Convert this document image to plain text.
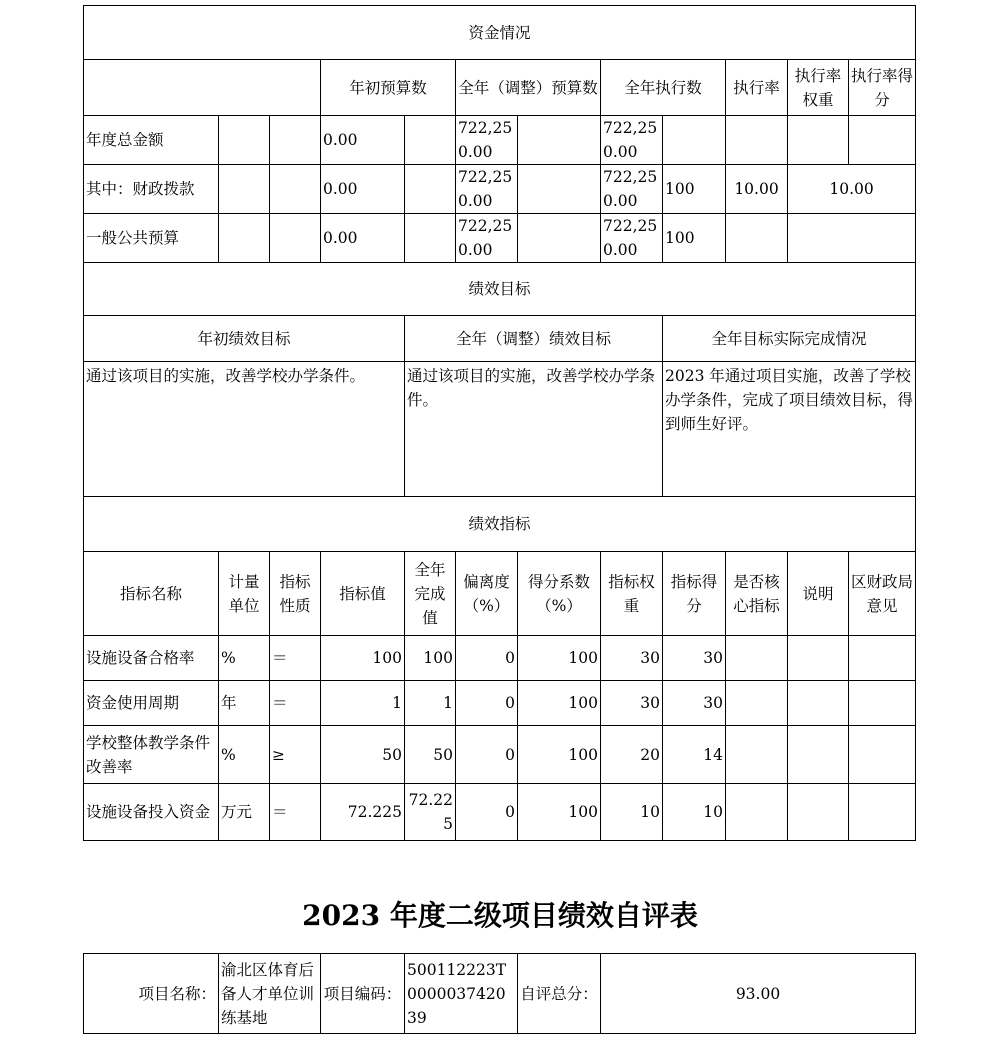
资金情况											
			年初预算数		全年（调整）预算数		全年执行数		执行率	执行率权重	执行率得分
年度总金额			0.00		722,250.00		722,250.00				
其中：财政拨款			0.00		722,250.00		722,250.00	100	10.00	10.00	
一般公共预算			0.00		722,250.00		722,250.00	100			
绩效目标											
年初绩效目标				全年（调整）绩效目标				全年目标实际完成情况			
通过该项目的实施，改善学校办学条件。				通过该项目的实施，改善学校办学条件。				2023 年通过项目实施，改善了学校办学条件，完成了项目绩效目标，得到师生好评。			
绩效指标											
指标名称	计量单位	指标性质	指标值	全年完成值	偏离度（%）	得分系数（%）	指标权重	指标得分	是否核心指标	说明	区财政局意见
设施设备合格率	%	＝	100	100	0	100	30	30			
资金使用周期	年	＝	1	1	0	100	30	30			
学校整体教学条件改善率	%	≥	50	50	0	100	20	14			
设施设备投入资金	万元	＝	72.225	72.225	0	100	10	10			
2023 年度二级项目绩效自评表
项目名称：	渝北区体育后备人才单位训练基地	项目编码：	500112223T000003742039	自评总分：	93.00
